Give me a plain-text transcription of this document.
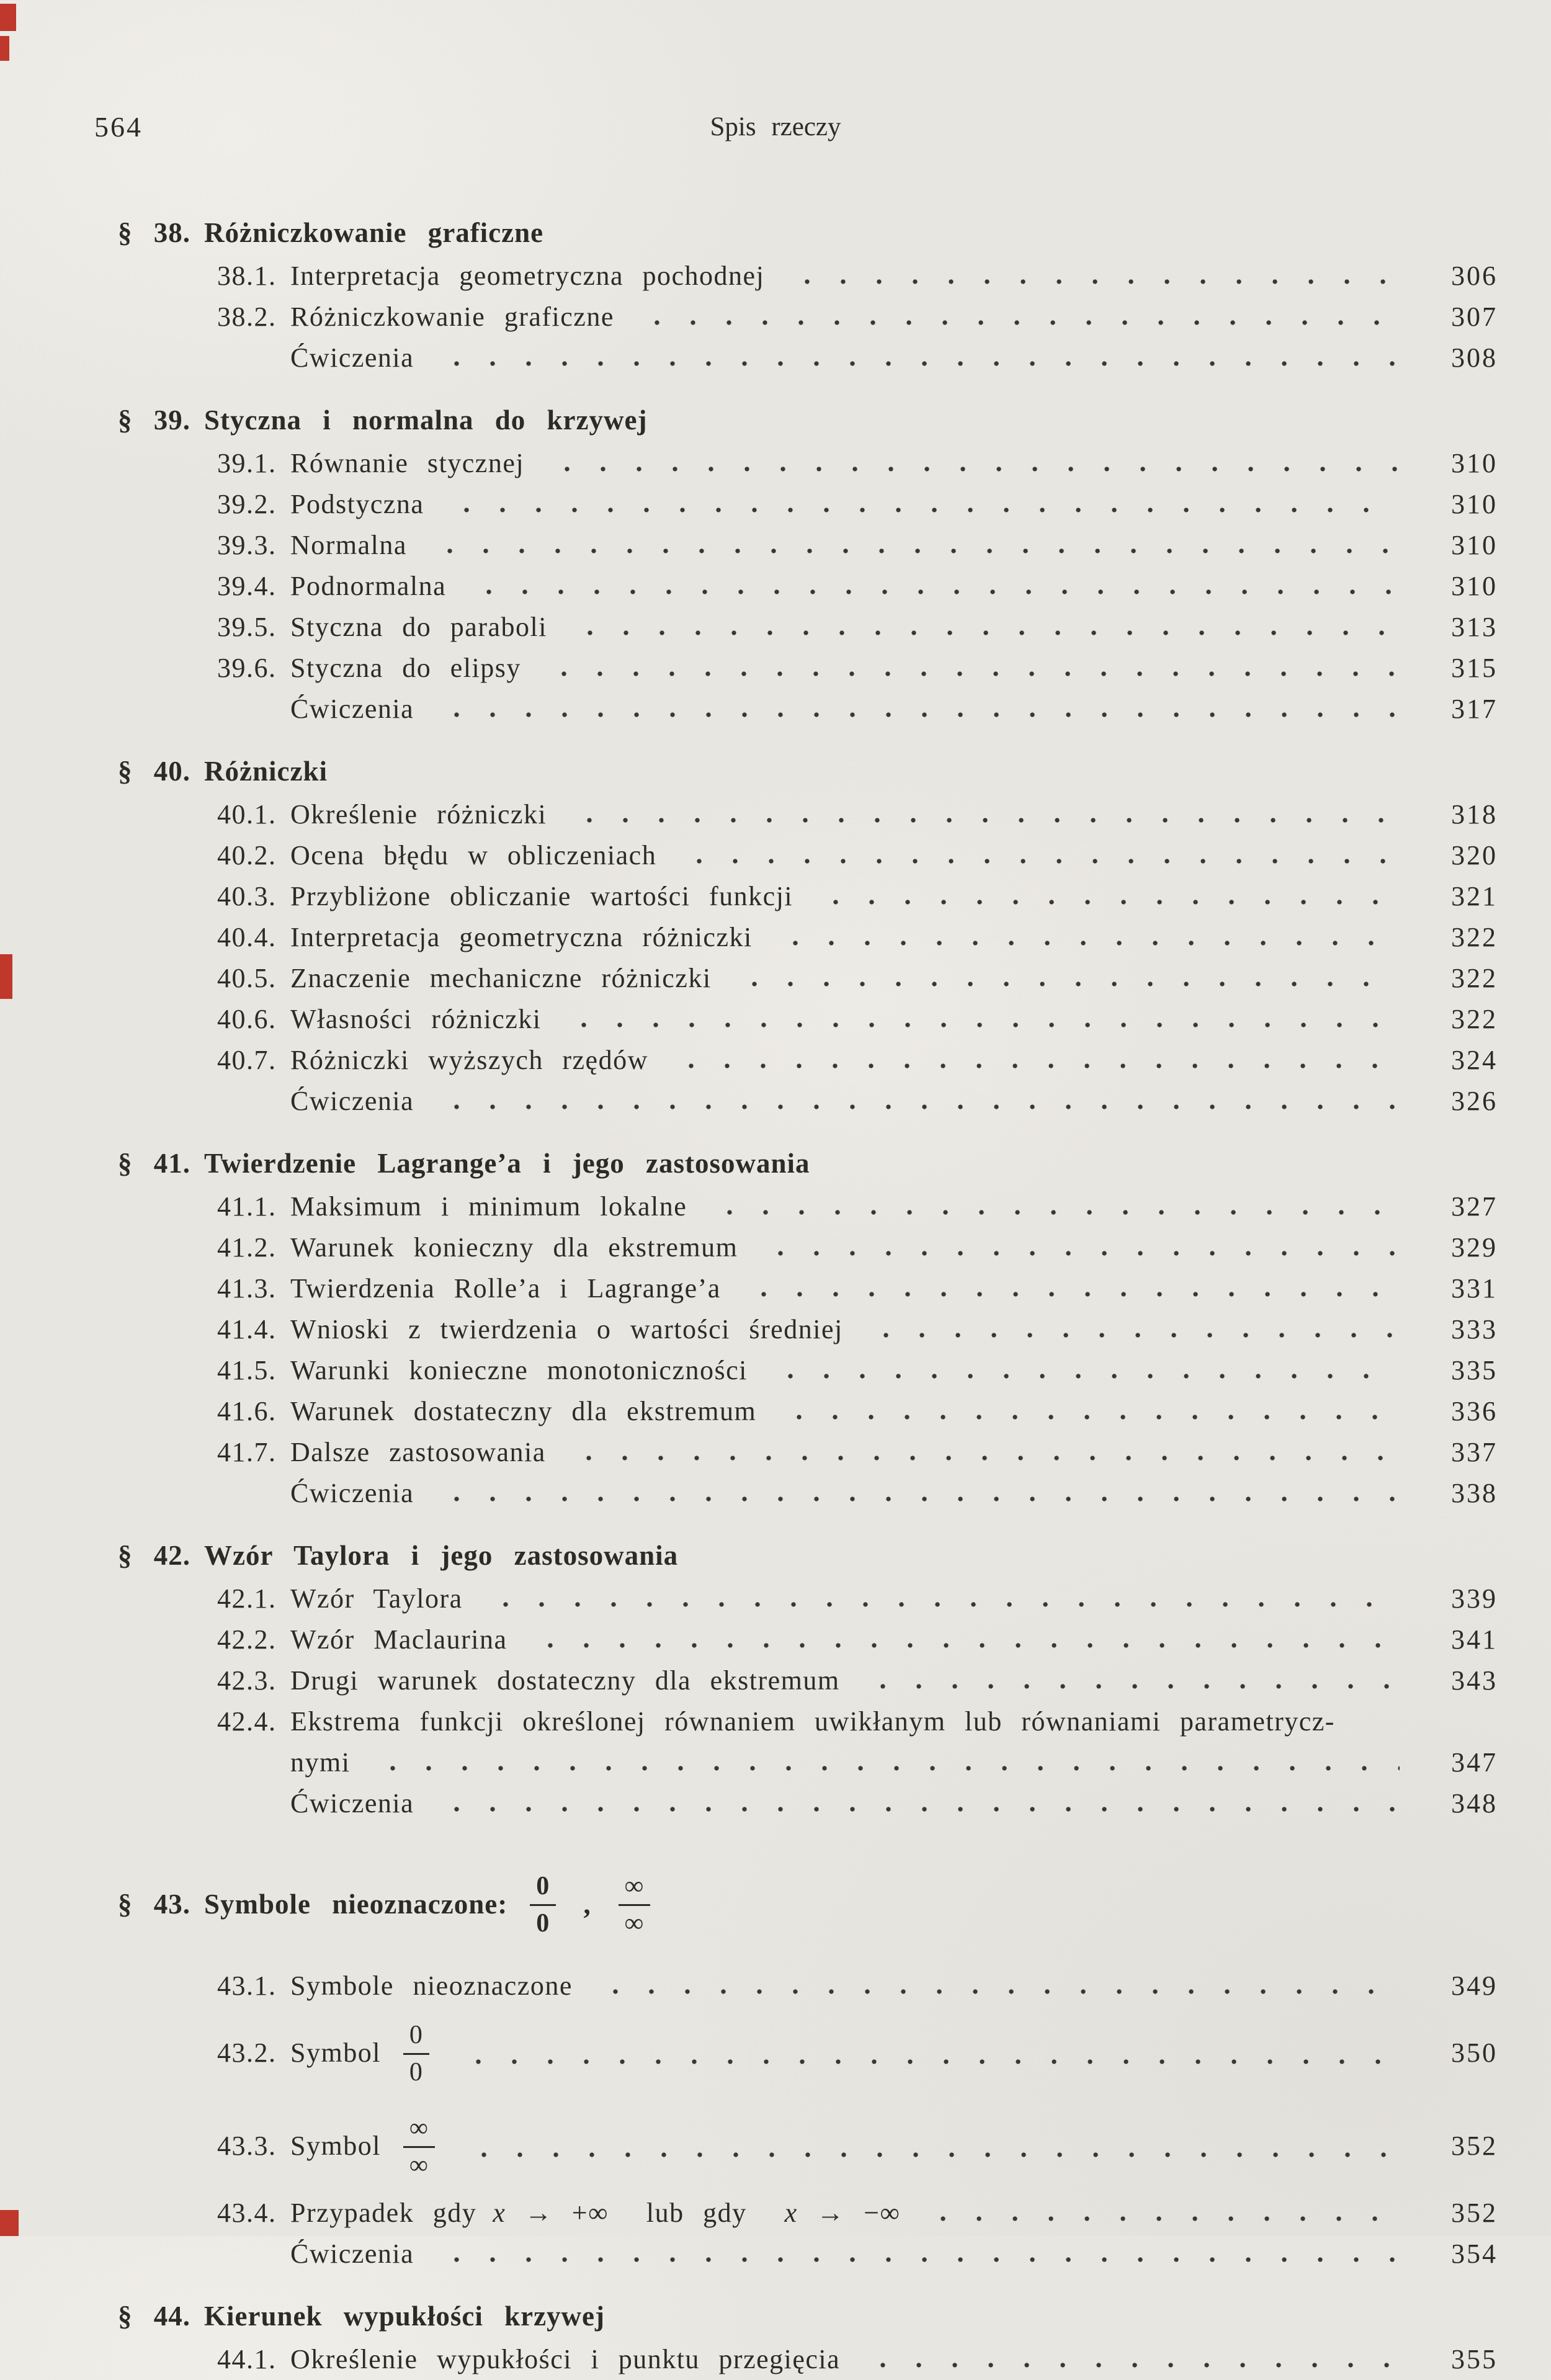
564	Spis rzeczy
§ 38. Różniczkowanie graficzne
38.1. Interpretacja geometryczna pochodnej	306
38.2. Różniczkowanie graficzne	307
Ćwiczenia	308
§ 39. Styczna i normalna do krzywej
39.1. Równanie stycznej	310
39.2. Podstyczna	310
39.3. Normalna	310
39.4. Podnormalna	310
39.5. Styczna do paraboli	313
39.6. Styczna do elipsy	315
Ćwiczenia	317
§ 40. Różniczki
40.1. Określenie różniczki	318
40.2. Ocena błędu w obliczeniach	320
40.3. Przybliżone obliczanie wartości funkcji	321
40.4. Interpretacja geometryczna różniczki	322
40.5. Znaczenie mechaniczne różniczki	322
40.6. Własności różniczki	322
40.7. Różniczki wyższych rzędów	324
Ćwiczenia	326
§ 41. Twierdzenie Lagrange’a i jego zastosowania
41.1. Maksimum i minimum lokalne	327
41.2. Warunek konieczny dla ekstremum	329
41.3. Twierdzenia Rolle’a i Lagrange’a	331
41.4. Wnioski z twierdzenia o wartości średniej	333
41.5. Warunki konieczne monotoniczności	335
41.6. Warunek dostateczny dla ekstremum	336
41.7. Dalsze zastosowania	337
Ćwiczenia	338
§ 42. Wzór Taylora i jego zastosowania
42.1. Wzór Taylora	339
42.2. Wzór Maclaurina	341
42.3. Drugi warunek dostateczny dla ekstremum	343
42.4. Ekstrema funkcji określonej równaniem uwikłanym lub równaniami parametrycz-
nymi	347
Ćwiczenia	348
§ 43. Symbole nieoznaczone: $\frac{0}{0}$ , $\frac{\infty}{\infty}$
43.1. Symbole nieoznaczone	349
43.2. Symbol $\frac{0}{0}$	350
43.3. Symbol $\frac{\infty}{\infty}$	352
43.4. Przypadek gdy x → +∞  lub gdy x → −∞	352
Ćwiczenia	354
§ 44. Kierunek wypukłości krzywej
44.1. Określenie wypukłości i punktu przegięcia	355
